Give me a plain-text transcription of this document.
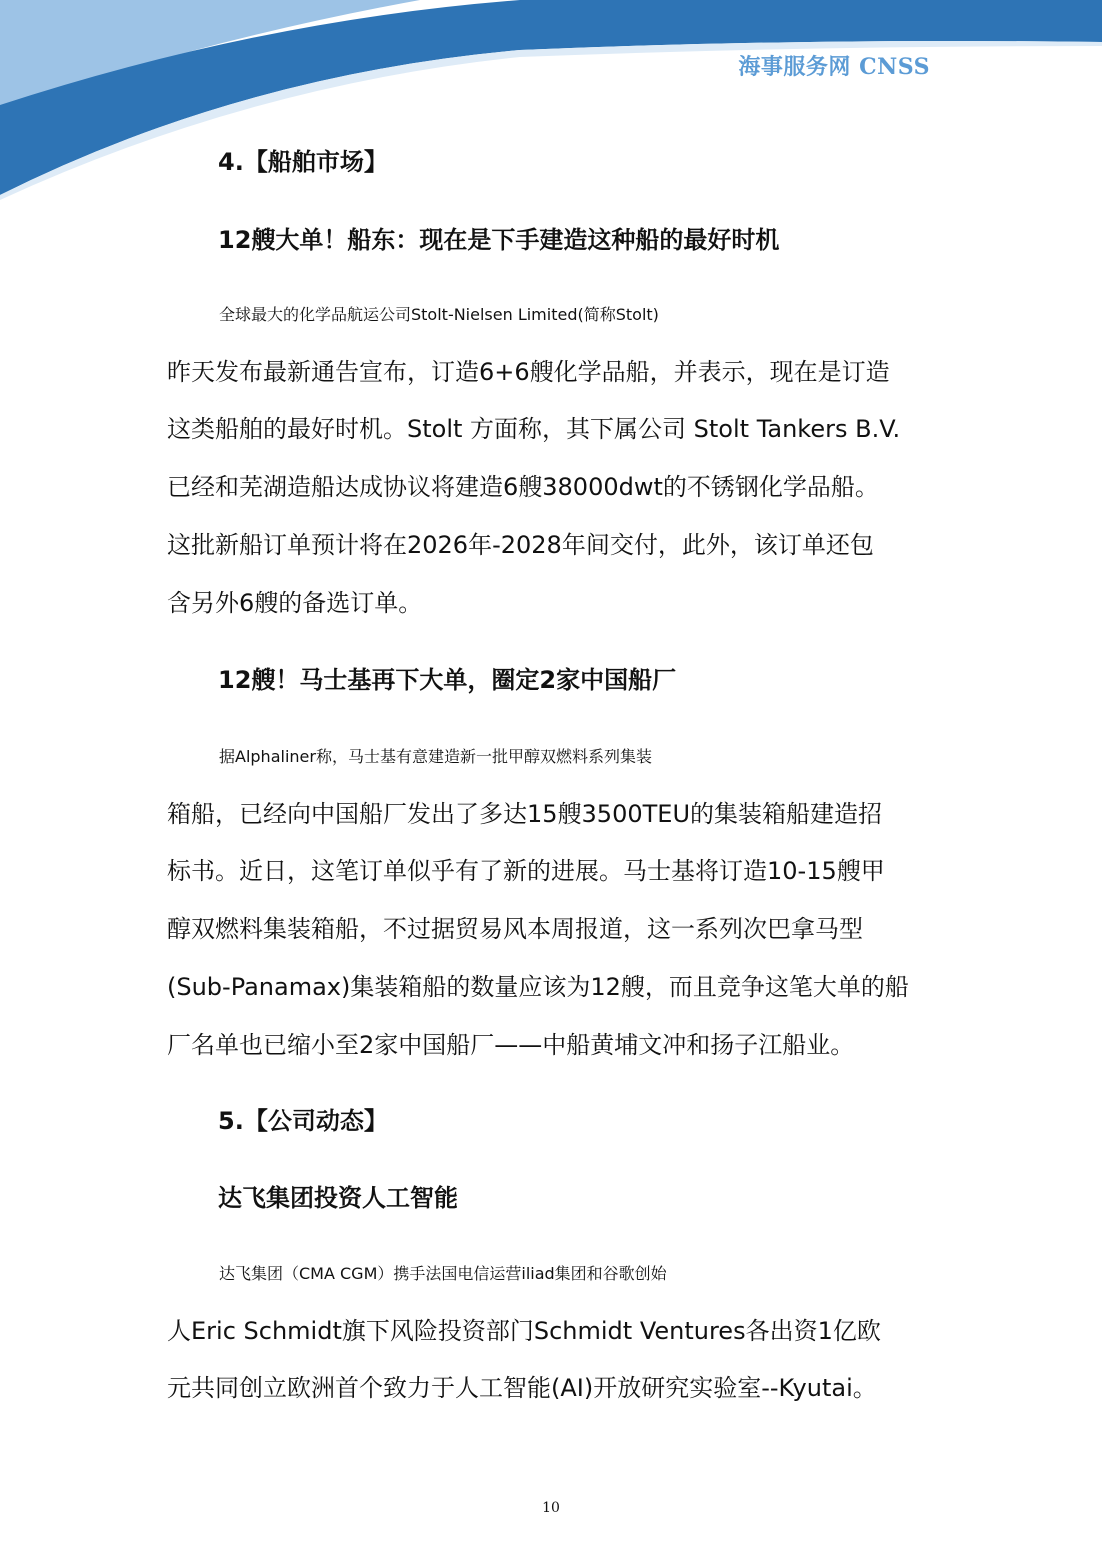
海事服务网 CNSS
4.【船舶市场】
12艘大单！船东：现在是下手建造这种船的最好时机

全球最大的化学品航运公司Stolt-Nielsen Limited(简称Stolt)
昨天发布最新通告宣布，订造6+6艘化学品船，并表示，现在是订造
这类船舶的最好时机。Stolt 方面称，其下属公司 Stolt Tankers B.V.
已经和芜湖造船达成协议将建造6艘38000dwt的不锈钢化学品船。
这批新船订单预计将在2026年-2028年间交付，此外，该订单还包
含另外6艘的备选订单。

12艘！马士基再下大单，圈定2家中国船厂

据Alphaliner称，马士基有意建造新一批甲醇双燃料系列集装
箱船，已经向中国船厂发出了多达15艘3500TEU的集装箱船建造招
标书。近日，这笔订单似乎有了新的进展。马士基将订造10-15艘甲
醇双燃料集装箱船，不过据贸易风本周报道，这一系列次巴拿马型
(Sub-Panamax)集装箱船的数量应该为12艘，而且竞争这笔大单的船
厂名单也已缩小至2家中国船厂——中船黄埔文冲和扬子江船业。

5.【公司动态】
达飞集团投资人工智能

达飞集团（CMA CGM）携手法国电信运营iliad集团和谷歌创始
人Eric Schmidt旗下风险投资部门Schmidt Ventures各出资1亿欧
元共同创立欧洲首个致力于人工智能(AI)开放研究实验室--Kyutai。

10
